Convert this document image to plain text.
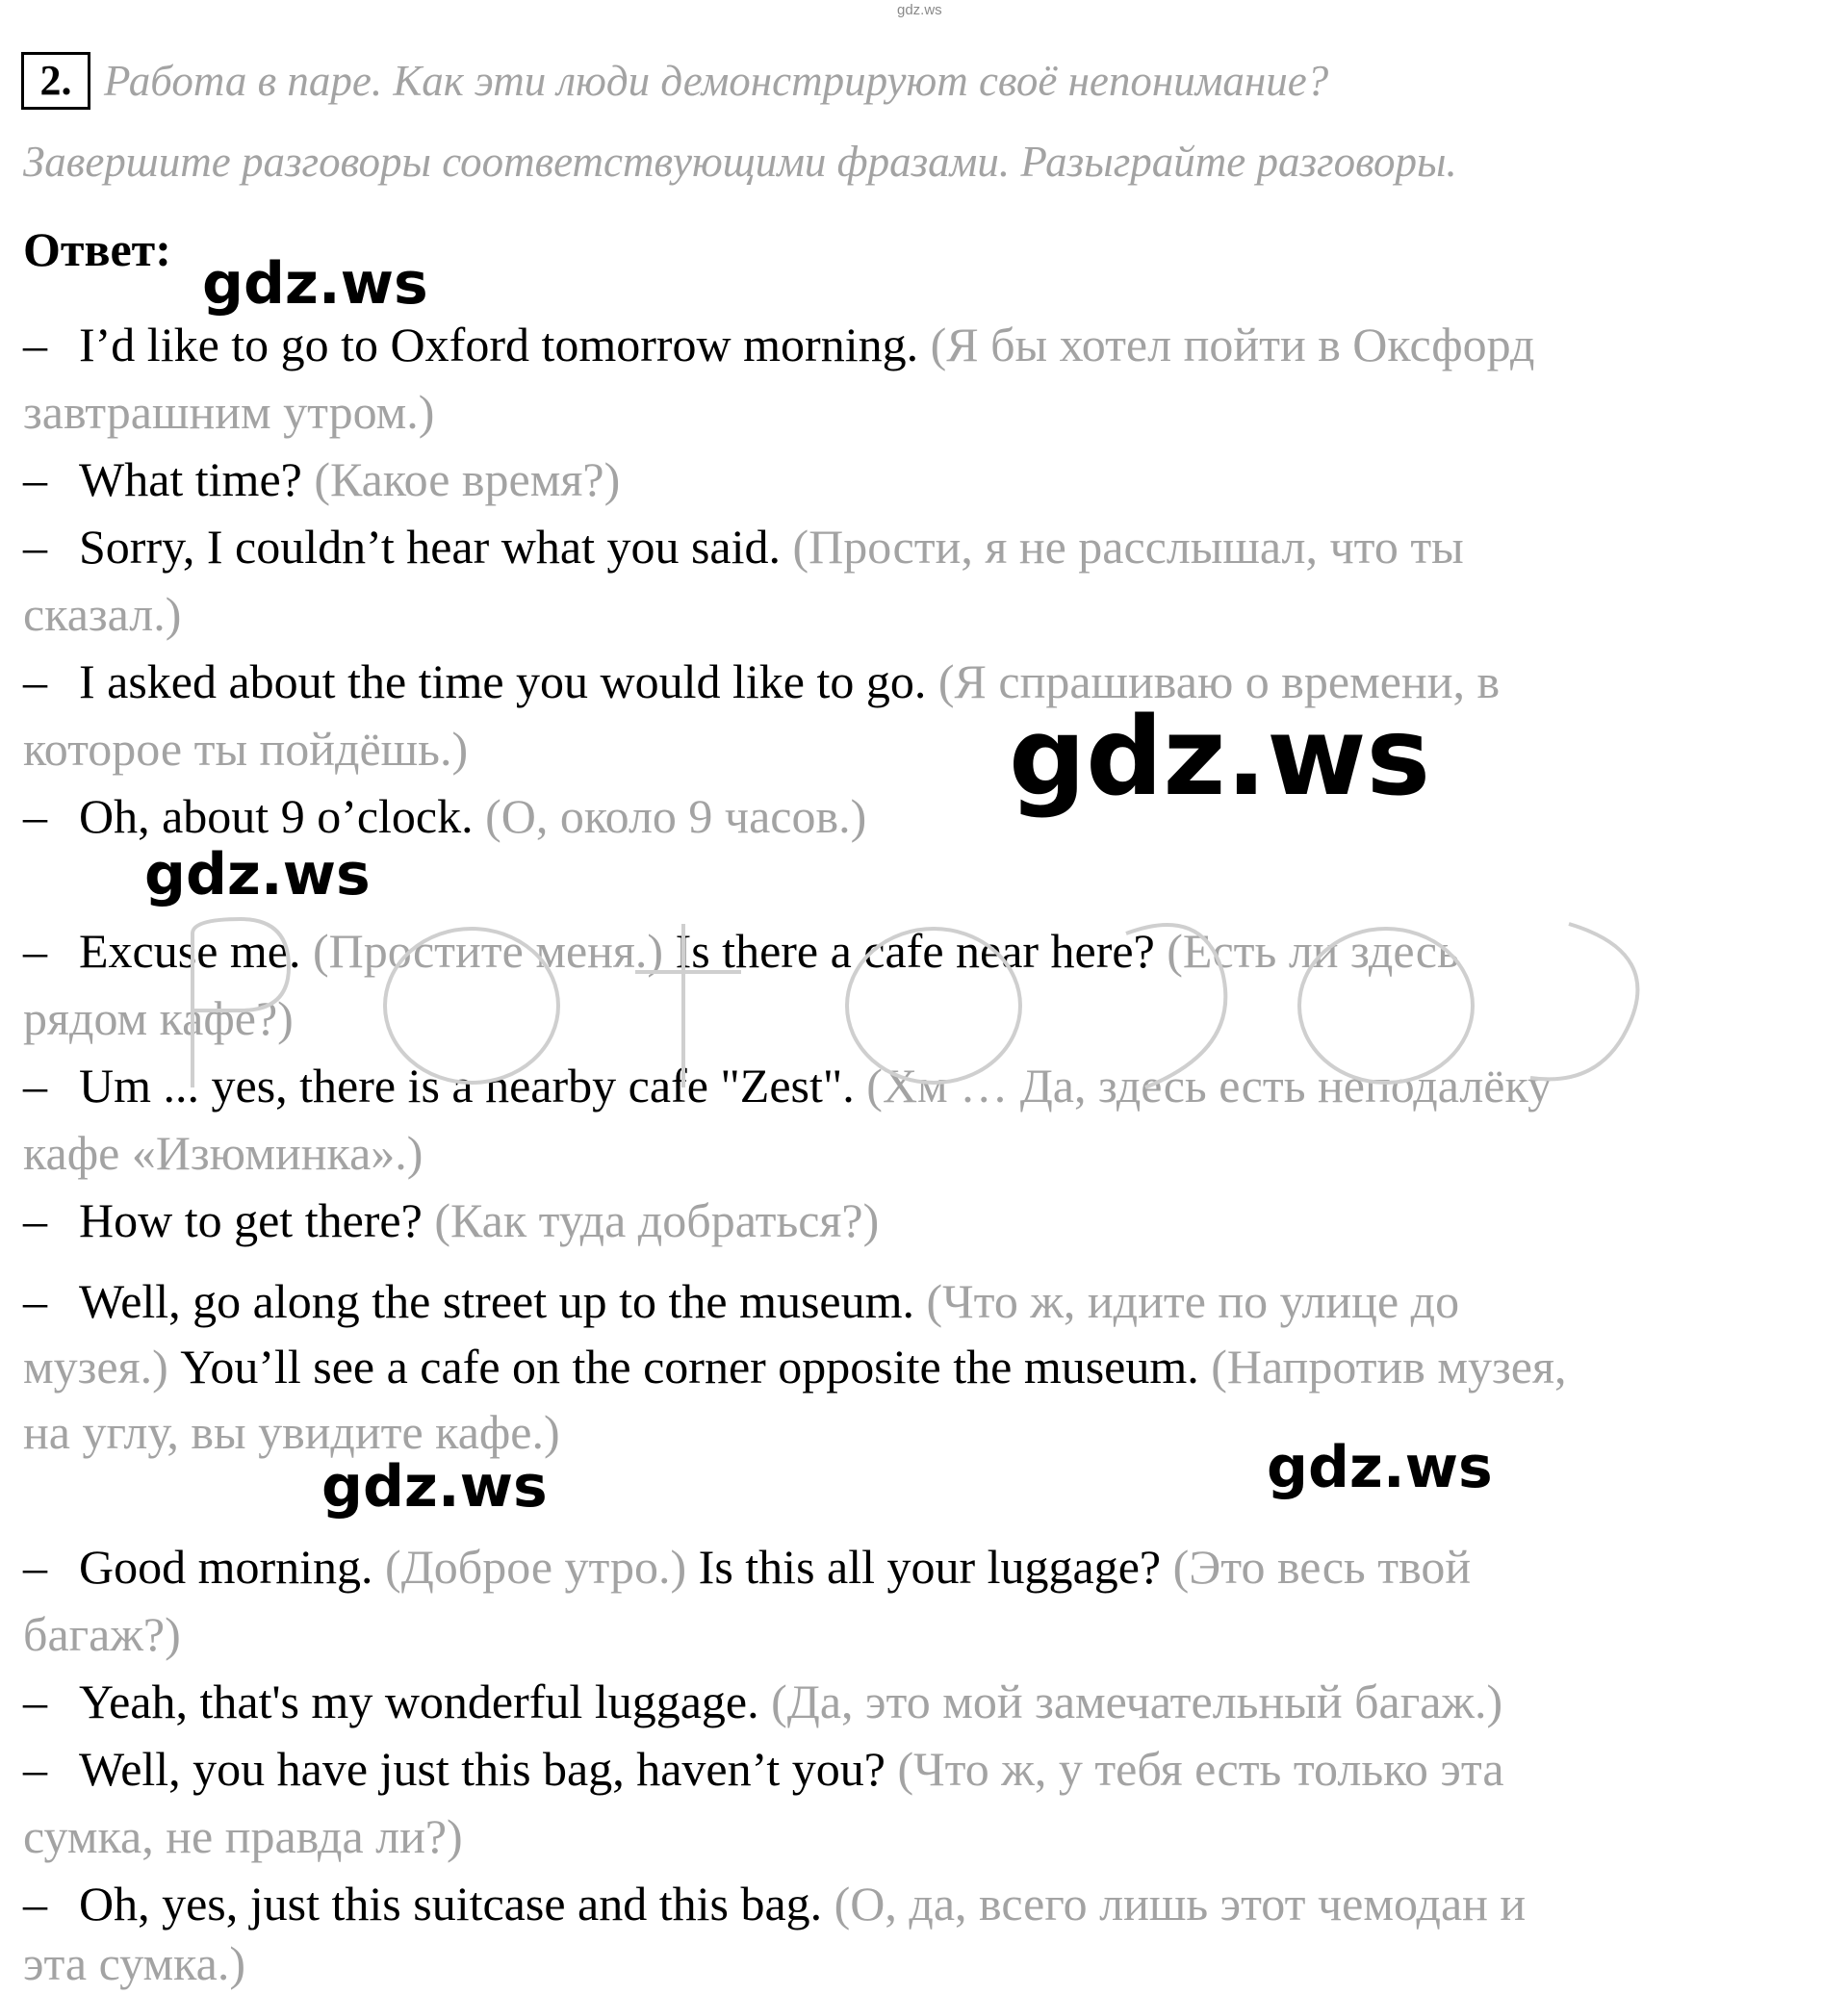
gdz.ws
2. Работа в паре. Как эти люди демонстрируют своё непонимание?
Завершите разговоры соответствующими фразами. Разыграйте разговоры.
Ответ:
– I’d like to go to Oxford tomorrow morning. (Я бы хотел пойти в Оксфорд
завтрашним утром.)
– What time? (Какое время?)
– Sorry, I couldn’t hear what you said. (Прости, я не расслышал, что ты
сказал.)
– I asked about the time you would like to go. (Я спрашиваю о времени, в
которое ты пойдёшь.)
– Oh, about 9 o’clock. (О, около 9 часов.)
– Excuse me. (Простите меня.) Is there a cafe near here? (Есть ли здесь
рядом кафе?)
– Um ... yes, there is a nearby cafe "Zest". (Хм … Да, здесь есть неподалёку
кафе «Изюминка».)
– How to get there? (Как туда добраться?)
– Well, go along the street up to the museum. (Что ж, идите по улице до
музея.) You’ll see a cafe on the corner opposite the museum. (Напротив музея,
на углу, вы увидите кафе.)
– Good morning. (Доброе утро.) Is this all your luggage? (Это весь твой
багаж?)
– Yeah, that's my wonderful luggage. (Да, это мой замечательный багаж.)
– Well, you have just this bag, haven’t you? (Что ж, у тебя есть только эта
сумка, не правда ли?)
– Oh, yes, just this suitcase and this bag. (О, да, всего лишь этот чемодан и
эта сумка.)
gdz.ws
gdz.ws
gdz.ws
gdz.ws
gdz.ws
